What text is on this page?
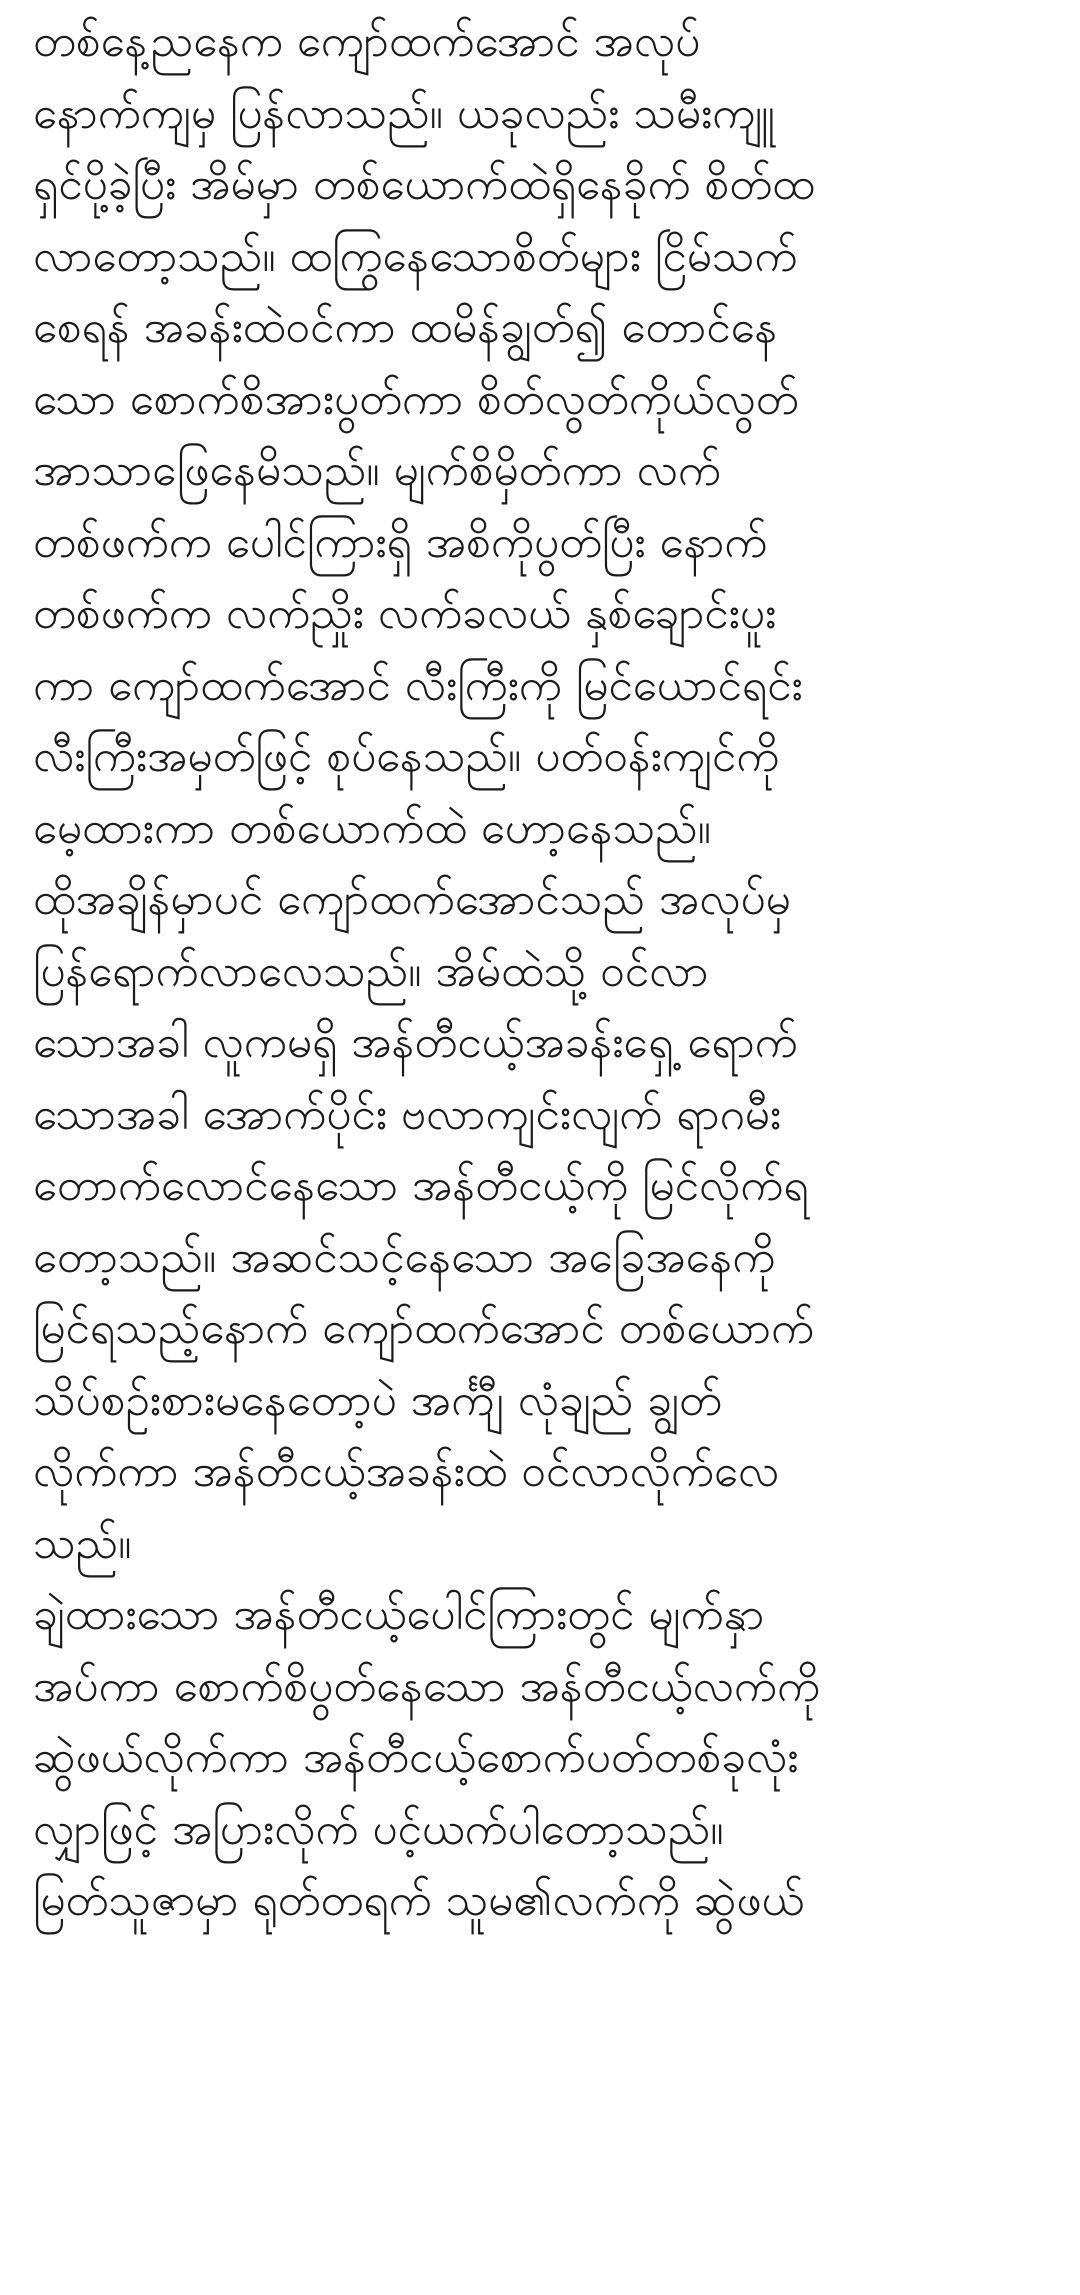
တစ်နေ့ညနေက ကျော်ထက်အောင် အလုပ်
နောက်ကျမှ ပြန်လာသည်။ ယခုလည်း သမီးကျူ
ရှင်ပို့ခဲ့ပြီး အိမ်မှာ တစ်ယောက်ထဲရှိနေခိုက် စိတ်ထ
လာတော့သည်။ ထကြွနေသောစိတ်များ ငြိမ်သက်
စေရန် အခန်းထဲဝင်ကာ ထမိန်ချွတ်၍ တောင်နေ
သော စောက်စိအားပွတ်ကာ စိတ်လွတ်ကိုယ်လွတ်
အာသာဖြေနေမိသည်။ မျက်စိမှိတ်ကာ လက်
တစ်ဖက်က ပေါင်ကြားရှိ အစိကိုပွတ်ပြီး နောက်
တစ်ဖက်က လက်ညှိုး လက်ခလယ် နှစ်ချောင်းပူး
ကာ ကျော်ထက်အောင် လီးကြီးကို မြင်ယောင်ရင်း
လီးကြီးအမှတ်ဖြင့် စုပ်နေသည်။ ပတ်ဝန်းကျင်ကို
မေ့ထားကာ တစ်ယောက်ထဲ ဟော့နေသည်။
ထိုအချိန်မှာပင် ကျော်ထက်အောင်သည် အလုပ်မှ
ပြန်ရောက်လာလေသည်။ အိမ်ထဲသို့ ဝင်လာ
သောအခါ လူကမရှိ အန်တီငယ့်အခန်းရှေ့ ရောက်
သောအခါ အောက်ပိုင်း ဗလာကျင်းလျက် ရာဂမီး
တောက်လောင်နေသော အန်တီငယ့်ကို မြင်လိုက်ရ
တော့သည်။ အဆင်သင့်နေသော အခြေအနေကို
မြင်ရသည့်နောက် ကျော်ထက်အောင် တစ်ယောက်
သိပ်စဉ်းစားမနေတော့ပဲ အင်္ကျီ လုံချည် ချွတ်
လိုက်ကာ အန်တီငယ့်အခန်းထဲ ဝင်လာလိုက်လေ
သည်။
ချဲထားသော အန်တီငယ့်ပေါင်ကြားတွင် မျက်နှာ
အပ်ကာ စောက်စိပွတ်နေသော အန်တီငယ့်လက်ကို
ဆွဲဖယ်လိုက်ကာ အန်တီငယ့်စောက်ပတ်တစ်ခုလုံး
လျှာဖြင့် အပြားလိုက် ပင့်ယက်ပါတော့သည်။
မြတ်သူဇာမှာ ရုတ်တရက် သူမ၏လက်ကို ဆွဲဖယ်
